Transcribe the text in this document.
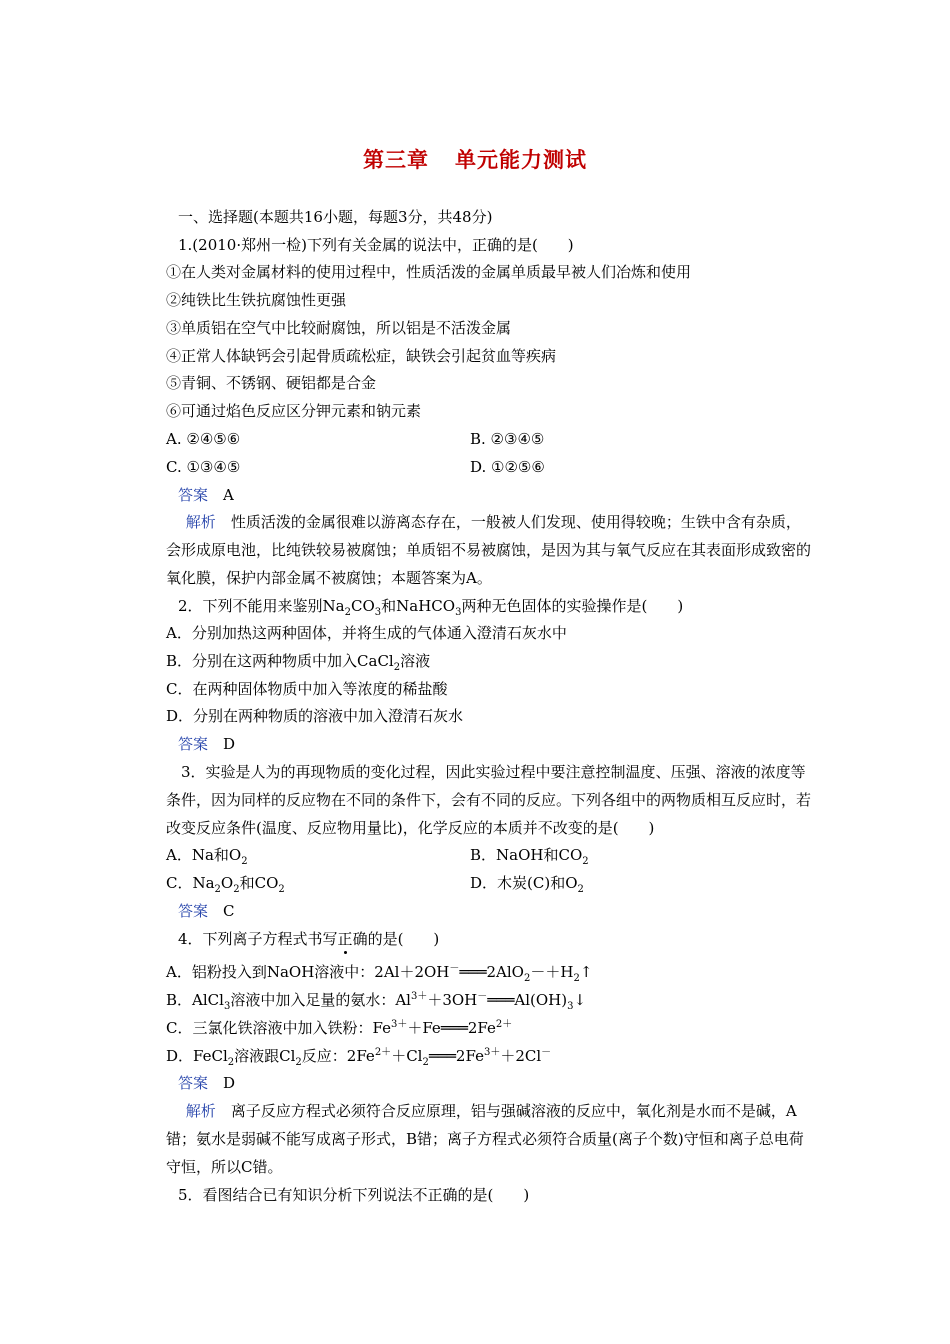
第三章 单元能力测试
一、选择题(本题共16小题，每题3分，共48分)
1.(2010·郑州一检)下列有关金属的说法中，正确的是(　　)
①在人类对金属材料的使用过程中，性质活泼的金属单质最早被人们冶炼和使用
②纯铁比生铁抗腐蚀性更强
③单质铝在空气中比较耐腐蚀，所以铝是不活泼金属
④正常人体缺钙会引起骨质疏松症，缺铁会引起贫血等疾病
⑤青铜、不锈钢、硬铝都是合金
⑥可通过焰色反应区分钾元素和钠元素
A. ②④⑤⑥	B. ②③④⑤
C. ①③④⑤	D. ①②⑤⑥
答案　 A
　 解析　 性质活泼的金属很难以游离态存在，一般被人们发现、使用得较晚；生铁中含有杂质，会形成原电池，比纯铁较易被腐蚀；单质铝不易被腐蚀，是因为其与氧气反应在其表面形成致密的氧化膜，保护内部金属不被腐蚀；本题答案为A。
2．下列不能用来鉴别$Na_2CO_3$和NaHCO$_3$两种无色固体的实验操作是(　　)
A．分别加热这两种固体，并将生成的气体通入澄清石灰水中
B．分别在这两种物质中加入CaCl$_2$溶液
C．在两种固体物质中加入等浓度的稀盐酸
D．分别在两种物质的溶液中加入澄清石灰水
答案　 D
　3．实验是人为的再现物质的变化过程，因此实验过程中要注意控制温度、压强、溶液的浓度等条件，因为同样的反应物在不同的条件下，会有不同的反应。下列各组中的两物质相互反应时，若改变反应条件(温度、反应物用量比)，化学反应的本质并不改变的是(　　)
A．Na和$O_2$	B．NaOH和$CO_2$
C．$Na_2O_2$和$CO_2$	D．木炭(C)和$O_2$
答案　 C
4．下列离子方程式书写正确的是(　　)
A．铝粉投入到NaOH溶液中：$2Al+2OH^-═══2AlO_2-+H_2↑$
B．AlCl$_3$溶液中加入足量的氨水：$Al^{3+}+3OH^-═══Al(OH)_3↓$
C．三氯化铁溶液中加入铁粉：$Fe^{3+}+Fe═══2Fe^{2+}$
D．FeCl$_2$溶液跟$Cl_2$反应：$2Fe^{2+}+Cl_2═══2Fe^{3+}+2Cl^-$
答案　 D
　 解析　 离子反应方程式必须符合反应原理，铝与强碱溶液的反应中，氧化剂是水而不是碱，A错；氨水是弱碱不能写成离子形式，B错；离子方程式必须符合质量(离子个数)守恒和离子总电荷守恒，所以C错。
5．看图结合已有知识分析下列说法不正确的是(　　)
